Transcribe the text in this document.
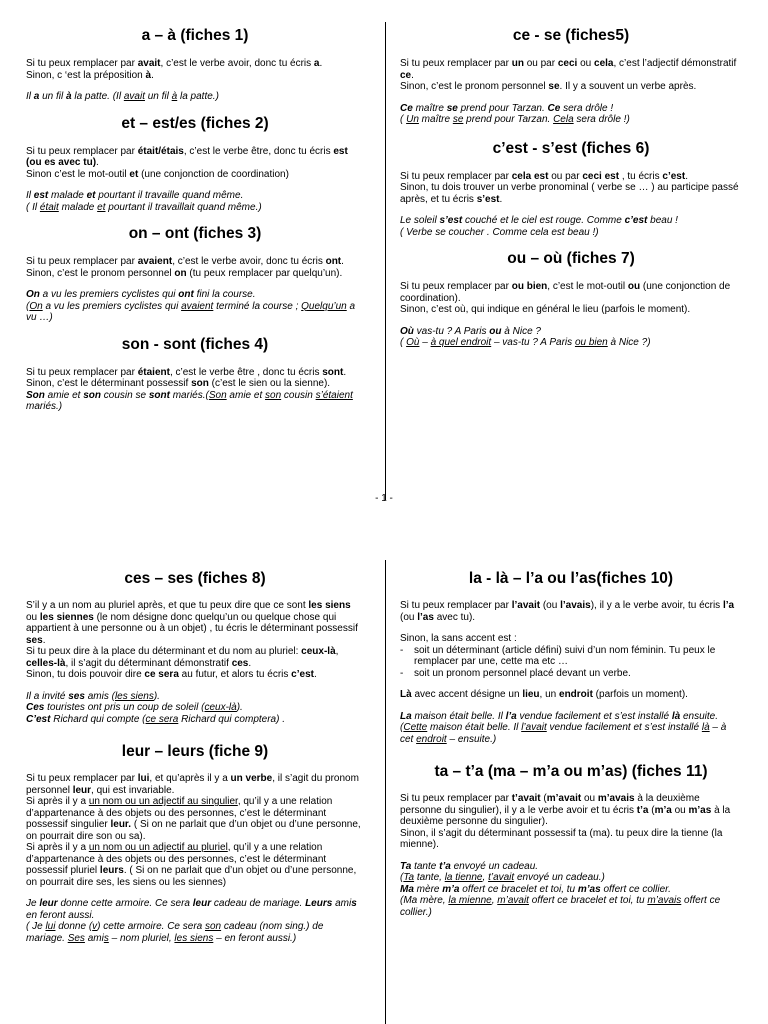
a – à (fiches 1)

Si tu peux remplacer par avait, c’est le verbe avoir, donc tu écris a.

Sinon, c ‘est la préposition à.

Il a un fil à la patte. (Il avait un fil à la patte.)

et – est/es (fiches 2)

Si tu peux remplacer par était/étais, c’est le verbe être, donc tu écris est (ou es avec tu).

Sinon c’est le mot-outil et (une conjonction de coordination)

Il est malade et pourtant il travaille quand même.

( Il était malade et pourtant il travaillait quand même.)

on – ont (fiches 3)

Si tu peux remplacer par avaient, c’est le verbe avoir, donc tu écris ont.

Sinon, c’est le pronom personnel on (tu peux remplacer par quelqu’un).

On a vu les premiers cyclistes qui ont fini la course.

(On a vu les premiers cyclistes qui avaient terminé la course ; Quelqu’un a vu …)

son - sont (fiches 4)

Si tu peux remplacer par étaient, c’est le verbe être , donc tu écris sont.

Sinon, c’est le déterminant possessif son (c’est le sien ou la sienne).

Son amie et son cousin se sont mariés.(Son amie et son cousin s’étaient mariés.)

ce - se (fiches5)

Si tu peux remplacer par un ou par ceci ou cela, c’est l’adjectif démonstratif ce.

Sinon, c’est le pronom personnel se. Il y a souvent un verbe après.

Ce maître se prend pour Tarzan. Ce sera drôle !

( Un maître se prend pour Tarzan. Cela sera drôle !)

c’est - s’est (fiches 6)

Si tu peux remplacer par cela est ou par ceci est , tu écris c’est.

Sinon, tu dois trouver un verbe pronominal ( verbe se … ) au participe passé après, et tu écris s’est.

Le soleil s’est couché et le ciel est rouge. Comme c’est beau !

( Verbe se coucher . Comme cela est beau !)

ou – où (fiches 7)

Si tu peux remplacer par ou bien, c’est le mot-outil ou (une conjonction de coordination).

Sinon, c’est où, qui indique en général le lieu (parfois le moment).

Où vas-tu ? A Paris ou à Nice ?

( Où – à quel endroit – vas-tu ? A Paris ou bien à Nice ?)

- 1 -
ces – ses (fiches 8)

S’il y a un nom au pluriel après, et que tu peux dire que ce sont les siens ou les siennes (le nom désigne donc quelqu’un ou quelque chose qui appartient à une personne ou à un objet) , tu écris le déterminant possessif ses.

Si tu peux dire à la place du déterminant et du nom au pluriel: ceux-là, celles-là, il s’agit du déterminant démonstratif ces.

Sinon, tu dois pouvoir dire ce sera au futur, et alors tu écris c’est.

Il a invité ses amis (les siens).

Ces touristes ont pris un coup de soleil (ceux-là).

C’est Richard qui compte (ce sera Richard qui comptera) .

leur – leurs (fiche 9)

Si tu peux remplacer par lui, et qu’après il y a un verbe, il s’agit du pronom personnel leur, qui est invariable.

Si après il y a un nom ou un adjectif au singulier, qu’il y a une relation d’appartenance à des objets ou des personnes, c’est le déterminant possessif singulier leur. ( Si on ne parlait que d’un objet ou d’une personne, on pourrait dire son ou sa).

Si après il y a un nom ou un adjectif au pluriel, qu’il y a une relation d’appartenance à des objets ou des personnes, c’est le déterminant possessif pluriel leurs. ( Si on ne parlait que d’un objet ou d’une personne, on pourrait dire ses, les siens ou les siennes)

Je leur donne cette armoire. Ce sera leur cadeau de mariage. Leurs amis en feront aussi.

( Je lui donne (v) cette armoire. Ce sera son cadeau (nom sing.) de mariage. Ses amis – nom pluriel, les siens – en feront aussi.)

la - là – l’a ou l’as(fiches 10)

Si tu peux remplacer par l’avait (ou l’avais), il y a le verbe avoir, tu écris l’a (ou l’as avec tu).

Sinon, la sans accent est :

- soit un déterminant (article défini) suivi d’un nom féminin. Tu peux le remplacer par une, cette ma etc …
- soit un pronom personnel placé devant un verbe.

Là avec accent désigne un lieu, un endroit (parfois un moment).

La maison était belle. Il l’a vendue facilement et s’est installé là ensuite.

(Cette maison était belle. Il l’avait vendue facilement et s’est installé là – à cet endroit – ensuite.)

ta – t’a (ma – m’a ou m’as) (fiches 11)

Si tu peux remplacer par t’avait (m’avait ou m’avais à la deuxième personne du singulier), il y a le verbe avoir et tu écris t’a (m’a ou m’as à la deuxième personne du singulier).

Sinon, il s’agit du déterminant possessif ta (ma). tu peux dire la tienne (la mienne).

Ta tante t’a envoyé un cadeau.

(Ta tante, la tienne, t’avait envoyé un cadeau.)

Ma mère m’a offert ce bracelet et toi, tu m’as offert ce collier.

(Ma mère, la mienne, m’avait offert ce bracelet et toi, tu m’avais offert ce collier.)
